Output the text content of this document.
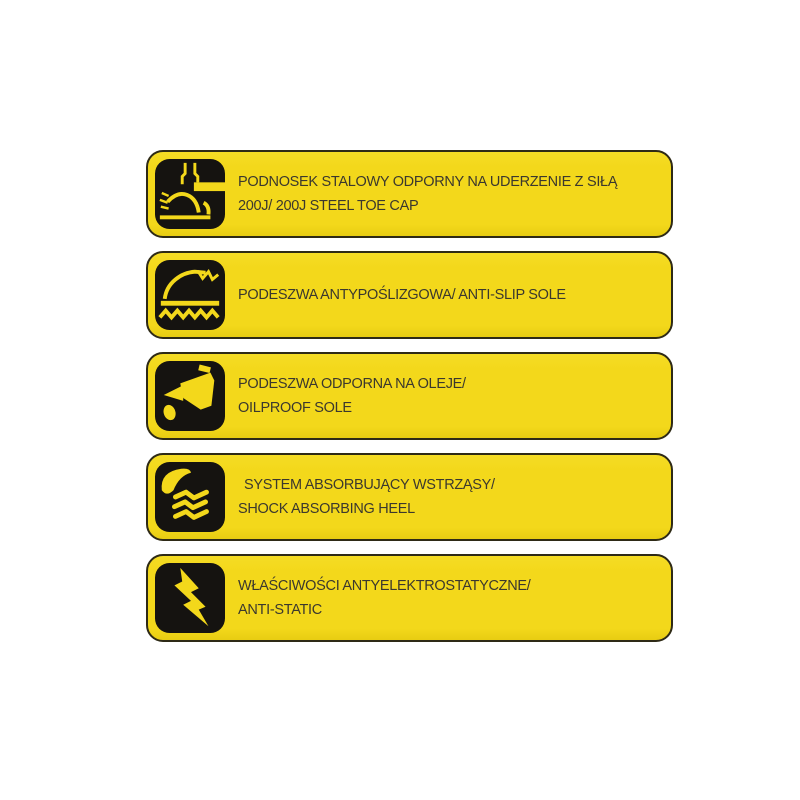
PODNOSEK STALOWY ODPORNY NA UDERZENIE Z SIŁĄ
200J/ 200J STEEL TOE CAP
PODESZWA ANTYPOŚLIZGOWA/ ANTI-SLIP SOLE
PODESZWA ODPORNA NA OLEJE/
OILPROOF SOLE
SYSTEM ABSORBUJĄCY WSTRZĄSY/
SHOCK ABSORBING HEEL
WŁAŚCIWOŚCI ANTYELEKTROSTATYCZNE/
ANTI-STATIC
